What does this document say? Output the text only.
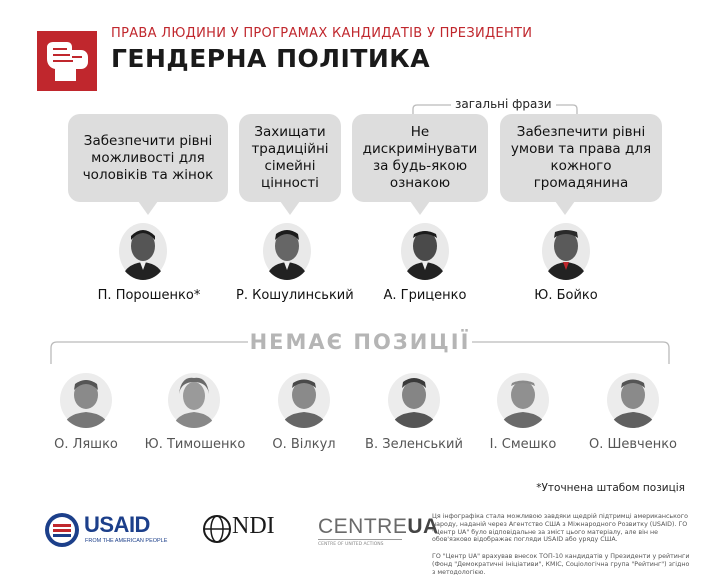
ПРАВА ЛЮДИНИ У ПРОГРАМАХ КАНДИДАТІВ У ПРЕЗИДЕНТИ
ГЕНДЕРНА ПОЛІТИКА
загальні фрази
Забезпечити рівні можливості для чоловіків та жінок
Захищати традиційні сімейні цінності
Не дискримінувати за будь-якою ознакою
Забезпечити рівні умови та права для кожного громадянина
П. Порошенко*	Р. Кошулинський А. Гриценко	Ю. Бойко
НЕМАЄ ПОЗИЦІЇ
О. Ляшко	Ю. Тимошенко	О. Вілкул	В. Зеленський І. Смешко	О. Шевченко
*Уточнена штабом позиція
USAID
FROM THE AMERICAN PEOPLE
NDI CENTREUA
CENTRE OF UNITED ACTIONS
Ця інфографіка стала можливою завдяки щедрій підтримці американського народу, наданій через Агентство США з Міжнародного Розвитку (USAID). ГО "Центр UA" було відповідальне за зміст цього матеріалу, але він не обов'язково відображає погляди USAID або уряду США.
ГО "Центр UA" врахував внесок ТОП-10 кандидатів у Президенти у рейтинги (Фонд "Демократичні ініціативи", КМІС, Соціологічна група "Рейтинг") згідно з методологією.
